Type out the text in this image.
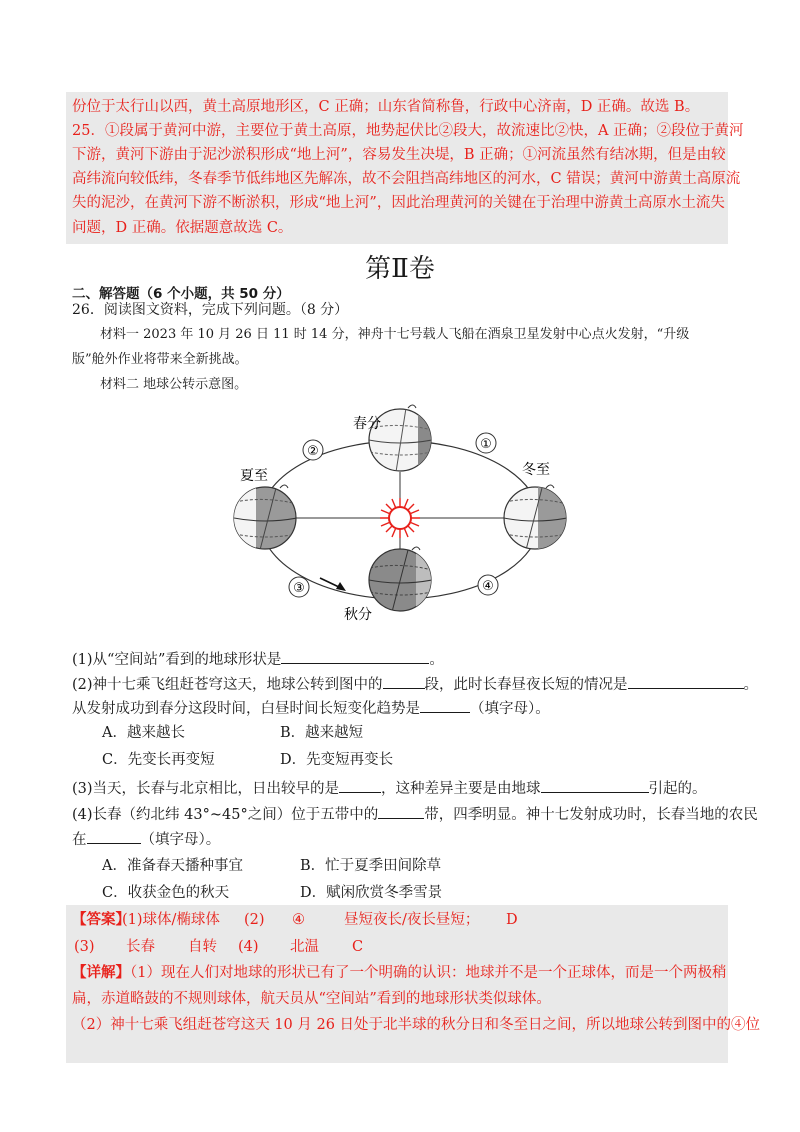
份位于太行山以西，黄土高原地形区，C 正确；山东省简称鲁，行政中心济南，D 正确。故选 B。
25．①段属于黄河中游，主要位于黄土高原，地势起伏比②段大，故流速比②快，A 正确；②段位于黄河
下游，黄河下游由于泥沙淤积形成“地上河”，容易发生决堤，B 正确；①河流虽然有结冰期，但是由较
高纬流向较低纬，冬春季节低纬地区先解冻，故不会阻挡高纬地区的河水，C 错误；黄河中游黄土高原流
失的泥沙，在黄河下游不断淤积，形成“地上河”，因此治理黄河的关键在于治理中游黄土高原水土流失
问题，D 正确。依据题意故选 C。
第Ⅱ卷
二、解答题（6 个小题，共 50 分）
26．阅读图文资料，完成下列问题。（8 分）
材料一 2023 年 10 月 26 日 11 时 14 分，神舟十七号载人飞船在酒泉卫星发射中心点火发射，“升级
版”舱外作业将带来全新挑战。
材料二 地球公转示意图。
①
②
③	④
春分
夏至	冬至
秋分
(1)从“空间站”看到的地球形状是	。
(2)神十七乘飞组赶苍穹这天，地球公转到图中的	段，此时长春昼夜长短的情况是	。
从发射成功到春分这段时间，白昼时间长短变化趋势是	（填字母）。
A．越来越长	B．越来越短
C．先变长再变短	D．先变短再变长
(3)当天，长春与北京相比，日出较早的是	，这种差异主要是由地球	引起的。
(4)长春（约北纬 43°~45°之间）位于五带中的	带，四季明显。神十七发射成功时，长春当地的农民
在	（填字母）。
A．准备春天播种事宜	B．忙于夏季田间除草
C．收获金色的秋天	D．赋闲欣赏冬季雪景
【答案】
(1)球体/椭球体 (2) ④	昼短夜长/夜长昼短； D
(3) 长春 自转 (4) 北温 C
【详解】（1）现在人们对地球的形状已有了一个明确的认识：地球并不是一个正球体，而是一个两极稍
扁，赤道略鼓的不规则球体，航天员从“空间站”看到的地球形状类似球体。
（2）神十七乘飞组赶苍穹这天 10 月 26 日处于北半球的秋分日和冬至日之间，所以地球公转到图中的④位
